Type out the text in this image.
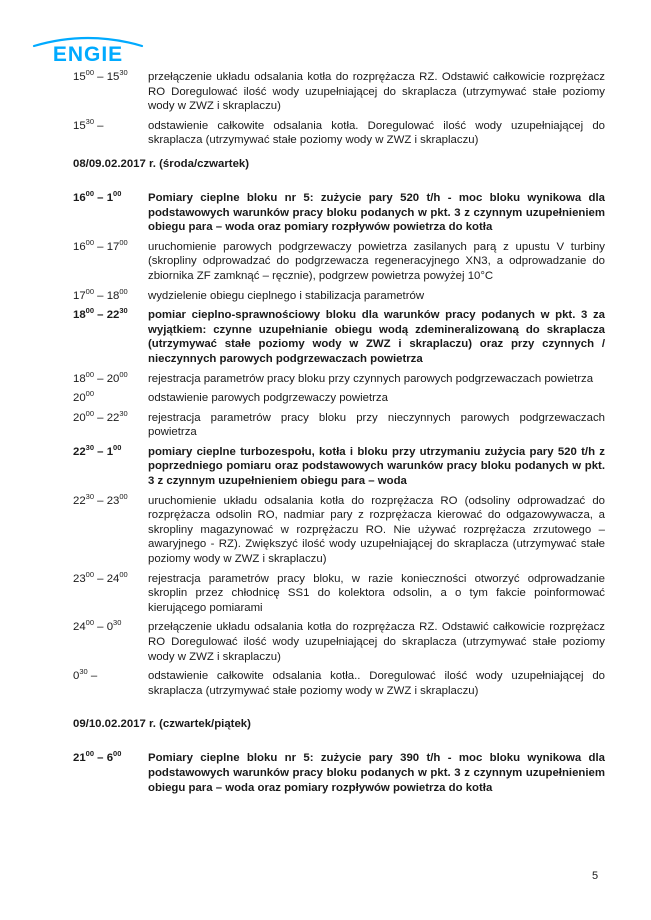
ENGIE
$15^{00} - 15^{30}$	przełączenie układu odsalania kotła do rozprężacza RZ. Odstawić całkowicie rozprężacz RO Doregulować ilość wody uzupełniającej do skraplacza (utrzymywać stałe poziomy wody w ZWZ i skraplaczu)
$15^{30}$ –	odstawienie całkowite odsalania kotła. Doregulować ilość wody uzupełniającej do skraplacza (utrzymywać stałe poziomy wody w ZWZ i skraplaczu)
08/09.02.2017 r. (środa/czwartek)
$16^{00} - 1^{00}$	Pomiary cieplne bloku nr 5: zużycie pary 520 t/h - moc bloku wynikowa dla podstawowych warunków pracy bloku podanych w pkt. 3 z czynnym uzupełnieniem obiegu para – woda oraz pomiary rozpływów powietrza do kotła
$16^{00} - 17^{00}$	uruchomienie parowych podgrzewaczy powietrza zasilanych parą z upustu V turbiny (skropliny odprowadzać do podgrzewacza regeneracyjnego XN3, a odprowadzanie do zbiornika ZF zamknąć – ręcznie), podgrzew powietrza powyżej 10°C
$17^{00} - 18^{00}$	wydzielenie obiegu cieplnego i stabilizacja parametrów
$18^{00} - 22^{30}$	pomiar cieplno-sprawnościowy bloku dla warunków pracy podanych w pkt. 3 za wyjątkiem: czynne uzupełnianie obiegu wodą zdemineralizowaną do skraplacza (utrzymywać stałe poziomy wody w ZWZ i skraplaczu) oraz przy czynnych / nieczynnych parowych podgrzewaczach powietrza
$18^{00} - 20^{00}$	rejestracja parametrów pracy bloku przy czynnych parowych podgrzewaczach powietrza
$20^{00}$	odstawienie parowych podgrzewaczy powietrza
$20^{00} - 22^{30}$	rejestracja parametrów pracy bloku przy nieczynnych parowych podgrzewaczach powietrza
$22^{30} - 1^{00}$	pomiary cieplne turbozespołu, kotła i bloku przy utrzymaniu zużycia pary 520 t/h z poprzedniego pomiaru oraz podstawowych warunków pracy bloku podanych w pkt. 3 z czynnym uzupełnieniem obiegu para – woda
$22^{30} - 23^{00}$	uruchomienie układu odsalania kotła do rozprężacza RO (odsoliny odprowadzać do rozprężacza odsolin RO, nadmiar pary z rozprężacza kierować do odgazowywacza, a skropliny magazynować w rozprężaczu RO. Nie używać rozprężacza zrzutowego – awaryjnego - RZ). Zwiększyć ilość wody uzupełniającej do skraplacza (utrzymywać stałe poziomy wody w ZWZ i skraplaczu)
$23^{00} - 24^{00}$	rejestracja parametrów pracy bloku, w razie konieczności otworzyć odprowadzanie skroplin przez chłodnicę SS1 do kolektora odsolin, a o tym fakcie poinformować kierującego pomiarami
$24^{00} - 0^{30}$	przełączenie układu odsalania kotła do rozprężacza RZ. Odstawić całkowicie rozprężacz RO Doregulować ilość wody uzupełniającej do skraplacza (utrzymywać stałe poziomy wody w ZWZ i skraplaczu)
$0^{30}$ –	odstawienie całkowite odsalania kotła.. Doregulować ilość wody uzupełniającej do skraplacza (utrzymywać stałe poziomy wody w ZWZ i skraplaczu)
09/10.02.2017 r. (czwartek/piątek)
$21^{00} - 6^{00}$	Pomiary cieplne bloku nr 5: zużycie pary 390 t/h - moc bloku wynikowa dla podstawowych warunków pracy bloku podanych w pkt. 3 z czynnym uzupełnieniem obiegu para – woda oraz pomiary rozpływów powietrza do kotła
5
